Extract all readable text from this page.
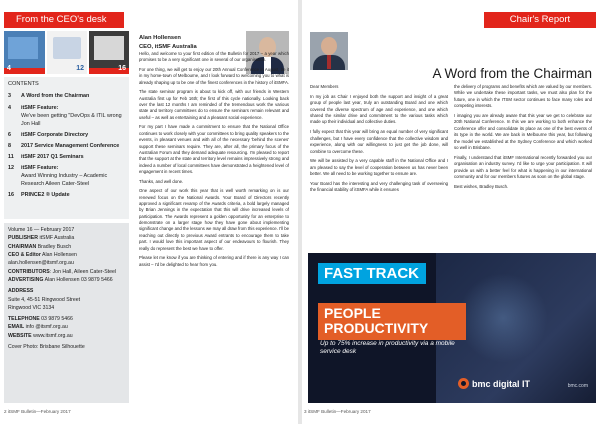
From the CEO's desk
4	12	16
CONTENTS
3	A Word from the Chairman
4	itSMF Feature:
We've been getting "DevOps & ITIL wrong Jon Hall
6	itSMF Corporate Directory
8	2017 Service Management Conference
11	itSMF 2017 Q1 Seminars
12	itSMF Feature:
Award Winning Industry – Academic Research Aileen Cater-Steel
16	PRINCE2 ® Update
Volume 16 — February 2017
PUBLISHER itSMF Australia
CHAIRMAN Bradley Busch
CEO & Editor Alan Hollensen
alan.hollensen@itsmf.org.au
CONTRIBUTORS: Jon Hall, Aileen Cater-Steel
ADVERTISING Alan Hollensen 03 9879 5466
ADDRESS
Suite 4, 45-51 Ringwood Street
Ringwood VIC 3134
TELEPHONE 03 9879 5466
EMAIL info @itsmf.org.au
WEBSITE www.itsmf.org.au
Cover Photo: Brisbane Silhouette
Alan Hollensen
CEO, itSMF Australia

Hello, and welcome to your first edition of the Bulletin for 2017 – a year which promises to be a very significant one in several of our organisation.

For one thing, we will get to enjoy our 20th Annual Conference in August, be it in my home-town of Melbourne, and I look forward to welcoming you to what is already shaping up to be one of the finest conferences in the history of itSMFA.

The state seminar program is about to kick off, with our friends in Western Australia first up for Feb 16th; the first of this cycle nationally. Looking back over the last 12 months I am reminded of the tremendous work the various state and territory committees do to ensure the seminars remain relevant and useful – as well as entertaining and a pleasant social experience.

For my part I have made a commitment to ensure that the National Office continues to work closely with your committees to bring quality speakers to the events, in pleasant venues and with all of the necessary 'behind the scenes' support these seminars require. They are, after all, the primary focus of the Australian Forum and they demand adequate resourcing. I'm pleased to report that the support at the state and territory level remains impressively strong and indeed a number of local committees have demonstrated a heightened level of engagement in recent times.

Thanks, and well done.

One aspect of our work this year that is well worth remarking on is our renewed focus on the National Awards. Your Board of Directors recently approved a significant revamp of the Awards criteria, a bold largely managed by Brian Jennings in the expectation that this will drive increased levels of participation. The Awards represent a golden opportunity for an enterprise to demonstrate on a larger stage how they have gone about implementing significant change and the lessons we may all draw from this experience. I'll be reaching out directly to previous Award entrants to encourage them to take part. I would love this important aspect of our endeavours to flourish. They really do represent the best we have to offer.

Please let me know if you are thinking of entering and if there is any way I can assist – I'd be delighted to hear from you.

2 itSMF Bulletin—February 2017
Chair's Report
A Word from the Chairman

Dear Members

In my job as Chair I enjoyed both the support and insight of a great group of people last year, truly an outstanding Board and one which covered the diverse spectrum of age and experience, and one which shared the similar drive and commitment to the various tasks which made up their individual and collective duties.

I fully expect that this year will bring an equal number of very significant challenges, but I have every confidence that the collective wisdom and experience, along with our willingness to just get the job done, will combine to overcome these.

We will be assisted by a very capable staff in the National Office and I am pleased to say the level of cooperation between us has never been better. We all need to be working together to ensure are.

Your Board has the interesting and very challenging task of overseeing the financial stability of itSMFA while it ensures

the delivery of programs and benefits which are valued by our members. While we undertake these important tasks, we must also plan for the future, one in which the ITSM sector continues to face many roles and competing interests.

I imaging you are already aware that this year we get to celebrate our 20th National Conference. In this we are working to both enhance the Conference offer and consolidate its place as one of the best events of its type in the world. We are back in Melbourne this year, but following the model we established at the Sydney Conference and which worked so well in Brisbane.

Finally, I understand that itSMF International recently forwarded you our organisation an industry survey. I'd like to urge your participation. It will provide us with a better feel for what is happening in our international community and for our members futures as soon on the global stage.

Best wishes, Bradley Busch.

FAST TRACK
PEOPLE PRODUCTIVITY
Up to 75% increase in productivity via a mobile service desk
bmc digital IT	bmc.com
3 itSMF Bulletin—February 2017
